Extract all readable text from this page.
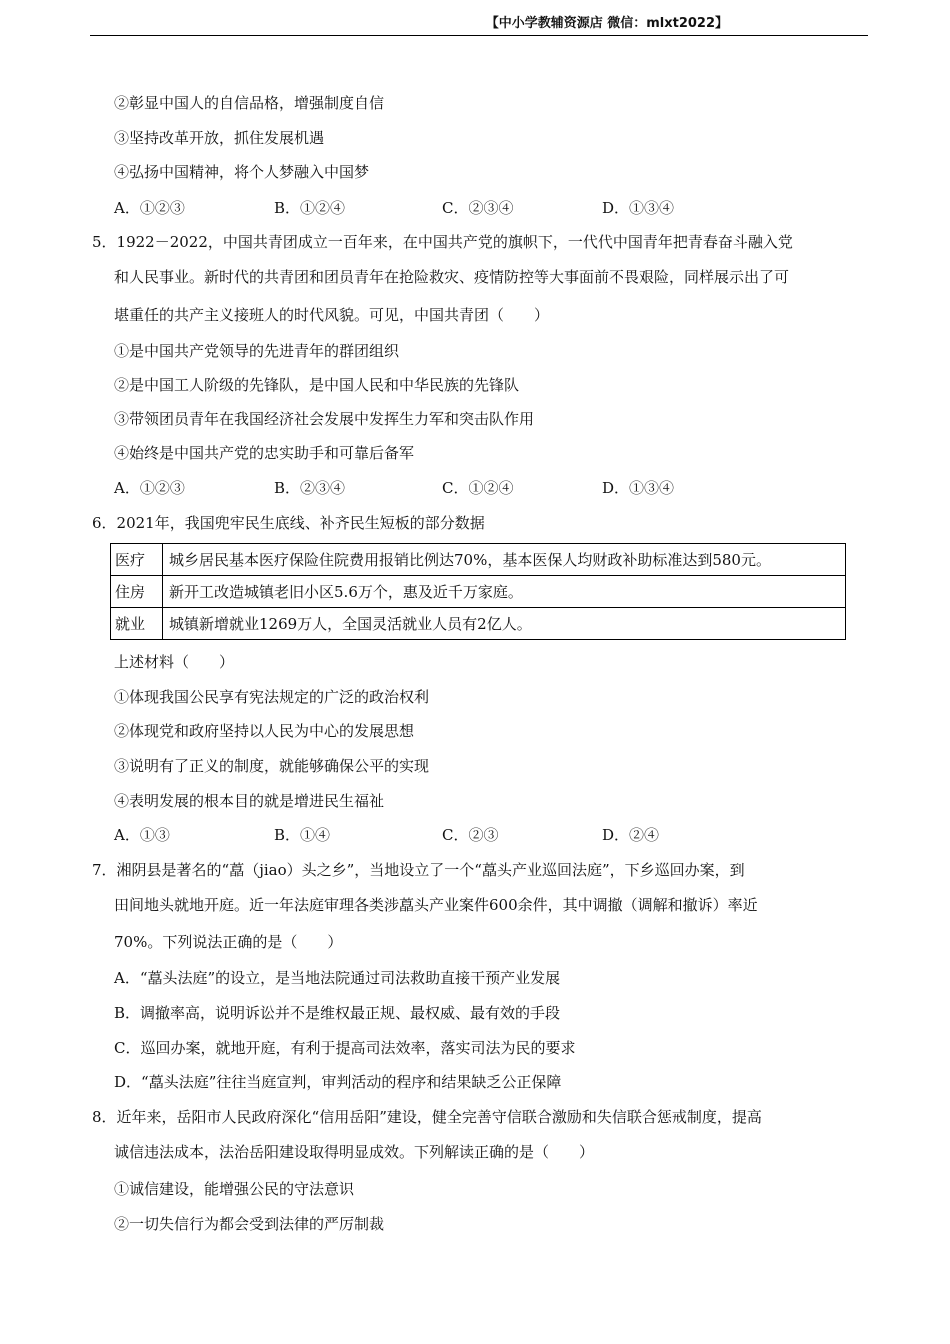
【中小学教辅资源店 微信：mlxt2022】
②彰显中国人的自信品格，增强制度自信
③坚持改革开放，抓住发展机遇
④弘扬中国精神，将个人梦融入中国梦
A．①②③	B．①②④	C．②③④	D．①③④
5．1922－2022，中国共青团成立一百年来，在中国共产党的旗帜下，一代代中国青年把青春奋斗融入党
和人民事业。新时代的共青团和团员青年在抢险救灾、疫情防控等大事面前不畏艰险，同样展示出了可
堪重任的共产主义接班人的时代风貌。可见，中国共青团（　　）
①是中国共产党领导的先进青年的群团组织
②是中国工人阶级的先锋队，是中国人民和中华民族的先锋队
③带领团员青年在我国经济社会发展中发挥生力军和突击队作用
④始终是中国共产党的忠实助手和可靠后备军
A．①②③	B．②③④	C．①②④	D．①③④
6．2021年，我国兜牢民生底线、补齐民生短板的部分数据
医疗	城乡居民基本医疗保险住院费用报销比例达70%，基本医保人均财政补助标准达到580元。
住房	新开工改造城镇老旧小区5.6万个，惠及近千万家庭。
就业	城镇新增就业1269万人，全国灵活就业人员有2亿人。
上述材料（　　）
①体现我国公民享有宪法规定的广泛的政治权利
②体现党和政府坚持以人民为中心的发展思想
③说明有了正义的制度，就能够确保公平的实现
④表明发展的根本目的就是增进民生福祉
A．①③	B．①④	C．②③	D．②④
7．湘阴县是著名的“藠（jiao）头之乡”，当地设立了一个“藠头产业巡回法庭”，下乡巡回办案，到
田间地头就地开庭。近一年法庭审理各类涉藠头产业案件600余件，其中调撤（调解和撤诉）率近
70%。下列说法正确的是（　　）
A．“藠头法庭”的设立，是当地法院通过司法救助直接干预产业发展
B．调撤率高，说明诉讼并不是维权最正规、最权威、最有效的手段
C．巡回办案，就地开庭，有利于提高司法效率，落实司法为民的要求
D．“藠头法庭”往往当庭宣判，审判活动的程序和结果缺乏公正保障
8．近年来，岳阳市人民政府深化“信用岳阳”建设，健全完善守信联合激励和失信联合惩戒制度，提高
诚信违法成本，法治岳阳建设取得明显成效。下列解读正确的是（　　）
①诚信建设，能增强公民的守法意识
②一切失信行为都会受到法律的严厉制裁
